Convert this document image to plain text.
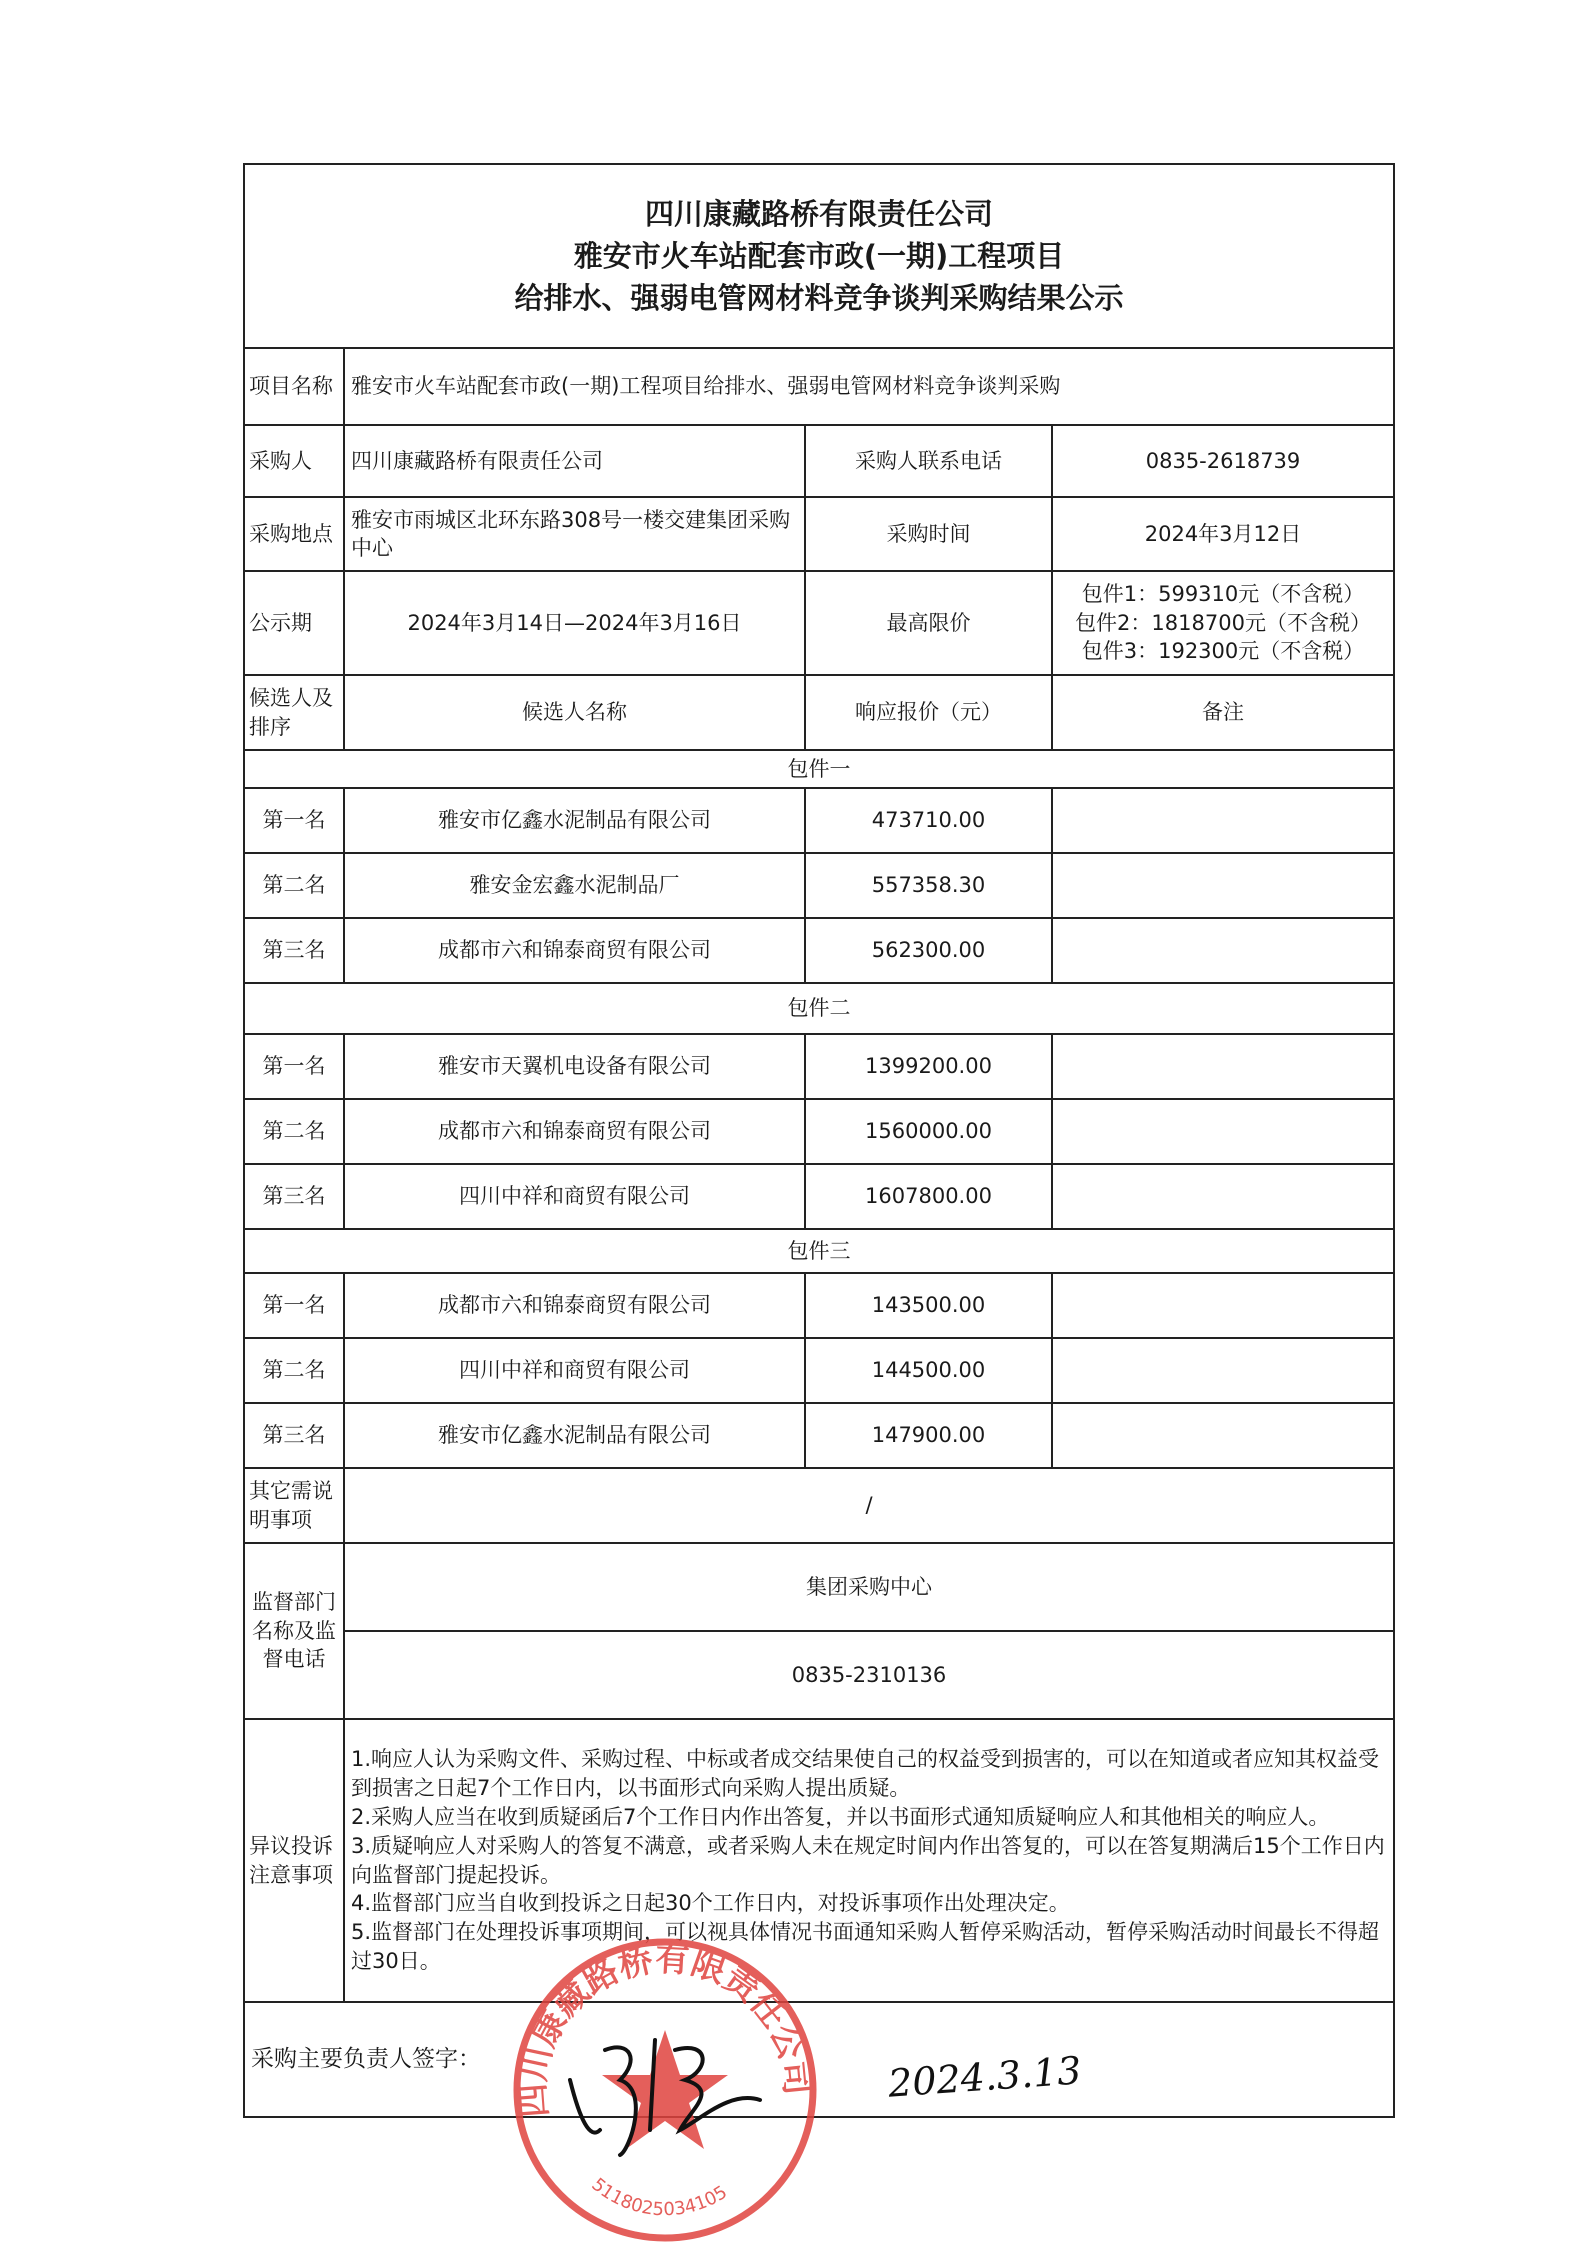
四川康藏路桥有限责任公司
雅安市火车站配套市政(一期)工程项目
给排水、强弱电管网材料竞争谈判采购结果公示			

项目名称	雅安市火车站配套市政(一期)工程项目给排水、强弱电管网材料竞争谈判采购		
采购人	四川康藏路桥有限责任公司	采购人联系电话	0835-2618739
采购地点	雅安市雨城区北环东路308号一楼交建集团采购中心	采购时间	2024年3月12日
公示期	2024年3月14日—2024年3月16日	最高限价	包件1：599310元（不含税）
包件2：1818700元（不含税）
包件3：192300元（不含税）

候选人及排序	候选人名称	响应报价（元）	备注
包件一			
第一名	雅安市亿鑫水泥制品有限公司	473710.00	
第二名	雅安金宏鑫水泥制品厂	557358.30	
第三名	成都市六和锦泰商贸有限公司	562300.00	
包件二			
第一名	雅安市天翼机电设备有限公司	1399200.00	
第二名	成都市六和锦泰商贸有限公司	1560000.00	
第三名	四川中祥和商贸有限公司	1607800.00	
包件三			
第一名	成都市六和锦泰商贸有限公司	143500.00	
第二名	四川中祥和商贸有限公司	144500.00	
第三名	雅安市亿鑫水泥制品有限公司	147900.00	
其它需说明事项	/		
监督部门名称及监督电话	集团采购中心		
	0835-2310136		
异议投诉注意事项	1.响应人认为采购文件、采购过程、中标或者成交结果使自己的权益受到损害的，可以在知道或者应知其权益受到损害之日起7个工作日内，以书面形式向采购人提出质疑。
2.采购人应当在收到质疑函后7个工作日内作出答复，并以书面形式通知质疑响应人和其他相关的响应人。
3.质疑响应人对采购人的答复不满意，或者采购人未在规定时间内作出答复的，可以在答复期满后15个工作日内向监督部门提起投诉。
4.监督部门应当自收到投诉之日起30个工作日内，对投诉事项作出处理决定。
5.监督部门在处理投诉事项期间，可以视具体情况书面通知采购人暂停采购活动，暂停采购活动时间最长不得超过30日。		

采购主要负责人签字：			
四川康藏路桥有限责任公司
5118025034105
2024.3.13
